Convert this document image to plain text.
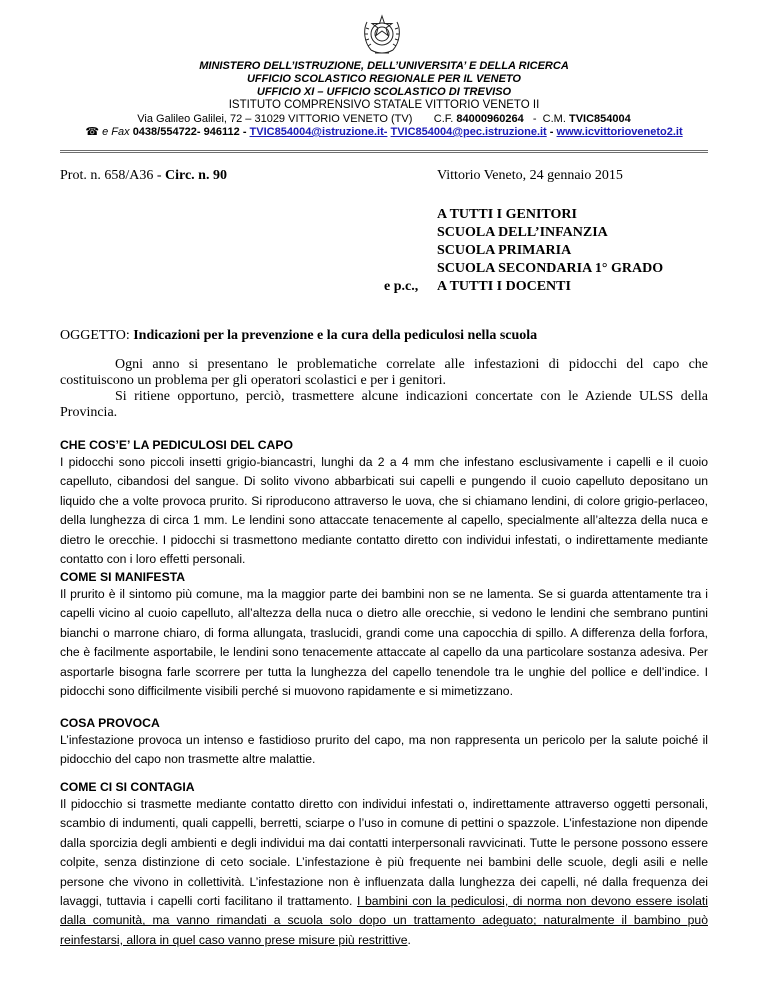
MINISTERO DELL’ISTRUZIONE, DELL’UNIVERSITA’ E DELLA RICERCA
UFFICIO SCOLASTICO REGIONALE PER IL VENETO
UFFICIO XI – UFFICIO SCOLASTICO DI TREVISO
ISTITUTO COMPRENSIVO STATALE VITTORIO VENETO II
Via Galileo Galilei, 72 – 31029 VITTORIO VENETO (TV) C.F. 84000960264   -  C.M. TVIC854004
☎ e Fax 0438/554722- 946112 - TVIC854004@istruzione.it- TVIC854004@pec.istruzione.it - www.icvittorioveneto2.it
Prot. n. 658/A36 - Circ. n. 90	Vittorio Veneto, 24 gennaio 2015
A TUTTI I GENITORI
SCUOLA DELL’INFANZIA
SCUOLA PRIMARIA
SCUOLA SECONDARIA 1° GRADO
e p.c., A TUTTI I DOCENTI
OGGETTO: Indicazioni per la prevenzione e la cura della pediculosi nella scuola
Ogni anno si presentano le problematiche correlate alle infestazioni di pidocchi del capo che costituiscono un problema per gli operatori scolastici e per i genitori.
Si ritiene opportuno, perciò, trasmettere alcune indicazioni concertate con le Aziende ULSS della Provincia.
CHE COS’E’ LA PEDICULOSI DEL CAPO
I pidocchi sono piccoli insetti grigio-biancastri, lunghi da 2 a 4 mm che infestano esclusivamente i capelli e il cuoio capelluto, cibandosi del sangue. Di solito vivono abbarbicati sui capelli e pungendo il cuoio capelluto depositano un liquido che a volte provoca prurito. Si riproducono attraverso le uova, che si chiamano lendini, di colore grigio-perlaceo, della lunghezza di circa 1 mm. Le lendini sono attaccate tenacemente al capello, specialmente all’altezza della nuca e dietro le orecchie. I pidocchi si trasmettono mediante contatto diretto con individui infestati, o indirettamente mediante contatto con i loro effetti personali.
COME SI MANIFESTA
Il prurito è il sintomo più comune, ma la maggior parte dei bambini non se ne lamenta. Se si guarda attentamente tra i capelli vicino al cuoio capelluto, all’altezza della nuca o dietro alle orecchie, si vedono le lendini che sembrano puntini bianchi o marrone chiaro, di forma allungata, traslucidi, grandi come una capocchia di spillo. A differenza della forfora, che è facilmente asportabile, le lendini sono tenacemente attaccate al capello da una particolare sostanza adesiva. Per asportarle bisogna farle scorrere per tutta la lunghezza del capello tenendole tra le unghie del pollice e dell’indice. I pidocchi sono difficilmente visibili perché si muovono rapidamente e si mimetizzano.
COSA PROVOCA
L’infestazione provoca un intenso e fastidioso prurito del capo, ma non rappresenta un pericolo per la salute poiché il pidocchio del capo non trasmette altre malattie.
COME CI SI CONTAGIA
Il pidocchio si trasmette mediante contatto diretto con individui infestati o, indirettamente attraverso oggetti personali, scambio di indumenti, quali cappelli, berretti, sciarpe o l’uso in comune di pettini o spazzole. L’infestazione non dipende dalla sporcizia degli ambienti e degli individui ma dai contatti interpersonali ravvicinati. Tutte le persone possono essere colpite, senza distinzione di ceto sociale. L’infestazione è più frequente nei bambini delle scuole, degli asili e nelle persone che vivono in collettività. L’infestazione non è influenzata dalla lunghezza dei capelli, né dalla frequenza dei lavaggi, tuttavia i capelli corti facilitano il trattamento. I bambini con la pediculosi, di norma non devono essere isolati dalla comunità, ma vanno rimandati a scuola solo dopo un trattamento adeguato; naturalmente il bambino può reinfestarsi, allora in quel caso vanno prese misure più restrittive.
